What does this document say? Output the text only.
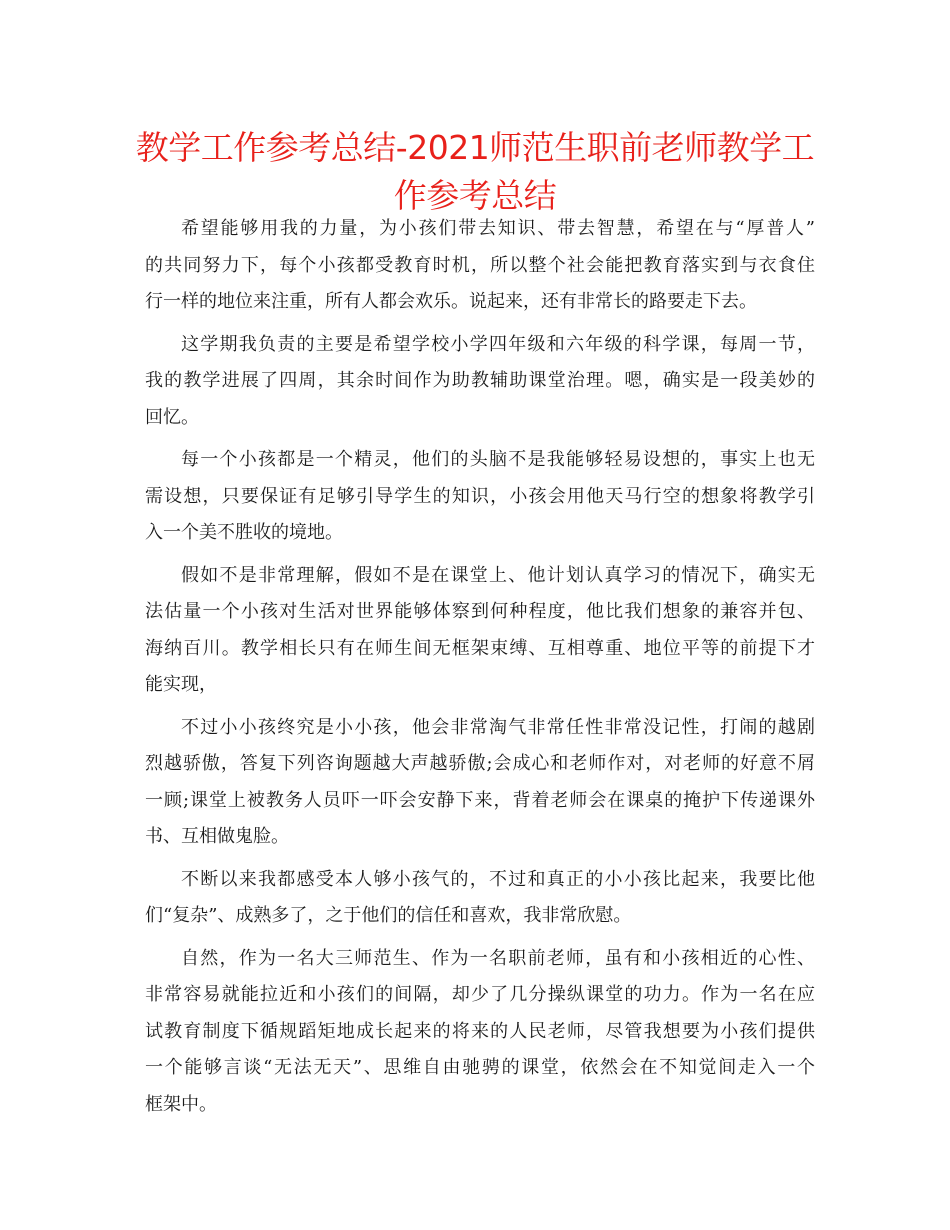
教学工作参考总结-2021师范生职前老师教学工
作参考总结

希望能够用我的力量，为小孩们带去知识、带去智慧，希望在与“厚普人”
的共同努力下，每个小孩都受教育时机，所以整个社会能把教育落实到与衣食住
行一样的地位来注重，所有人都会欢乐。说起来，还有非常长的路要走下去。

这学期我负责的主要是希望学校小学四年级和六年级的科学课，每周一节，
我的教学进展了四周，其余时间作为助教辅助课堂治理。嗯，确实是一段美妙的
回忆。

每一个小孩都是一个精灵，他们的头脑不是我能够轻易设想的，事实上也无
需设想，只要保证有足够引导学生的知识，小孩会用他天马行空的想象将教学引
入一个美不胜收的境地。

假如不是非常理解，假如不是在课堂上、他计划认真学习的情况下，确实无
法估量一个小孩对生活对世界能够体察到何种程度，他比我们想象的兼容并包、
海纳百川。教学相长只有在师生间无框架束缚、互相尊重、地位平等的前提下才
能实现，

不过小小孩终究是小小孩，他会非常淘气非常任性非常没记性，打闹的越剧
烈越骄傲，答复下列咨询题越大声越骄傲;会成心和老师作对，对老师的好意不屑
一顾;课堂上被教务人员吓一吓会安静下来，背着老师会在课桌的掩护下传递课外
书、互相做鬼脸。

不断以来我都感受本人够小孩气的，不过和真正的小小孩比起来，我要比他
们“复杂”、成熟多了，之于他们的信任和喜欢，我非常欣慰。

自然，作为一名大三师范生、作为一名职前老师，虽有和小孩相近的心性、
非常容易就能拉近和小孩们的间隔，却少了几分操纵课堂的功力。作为一名在应
试教育制度下循规蹈矩地成长起来的将来的人民老师，尽管我想要为小孩们提供
一个能够言谈“无法无天”、思维自由驰骋的课堂，依然会在不知觉间走入一个
框架中。
